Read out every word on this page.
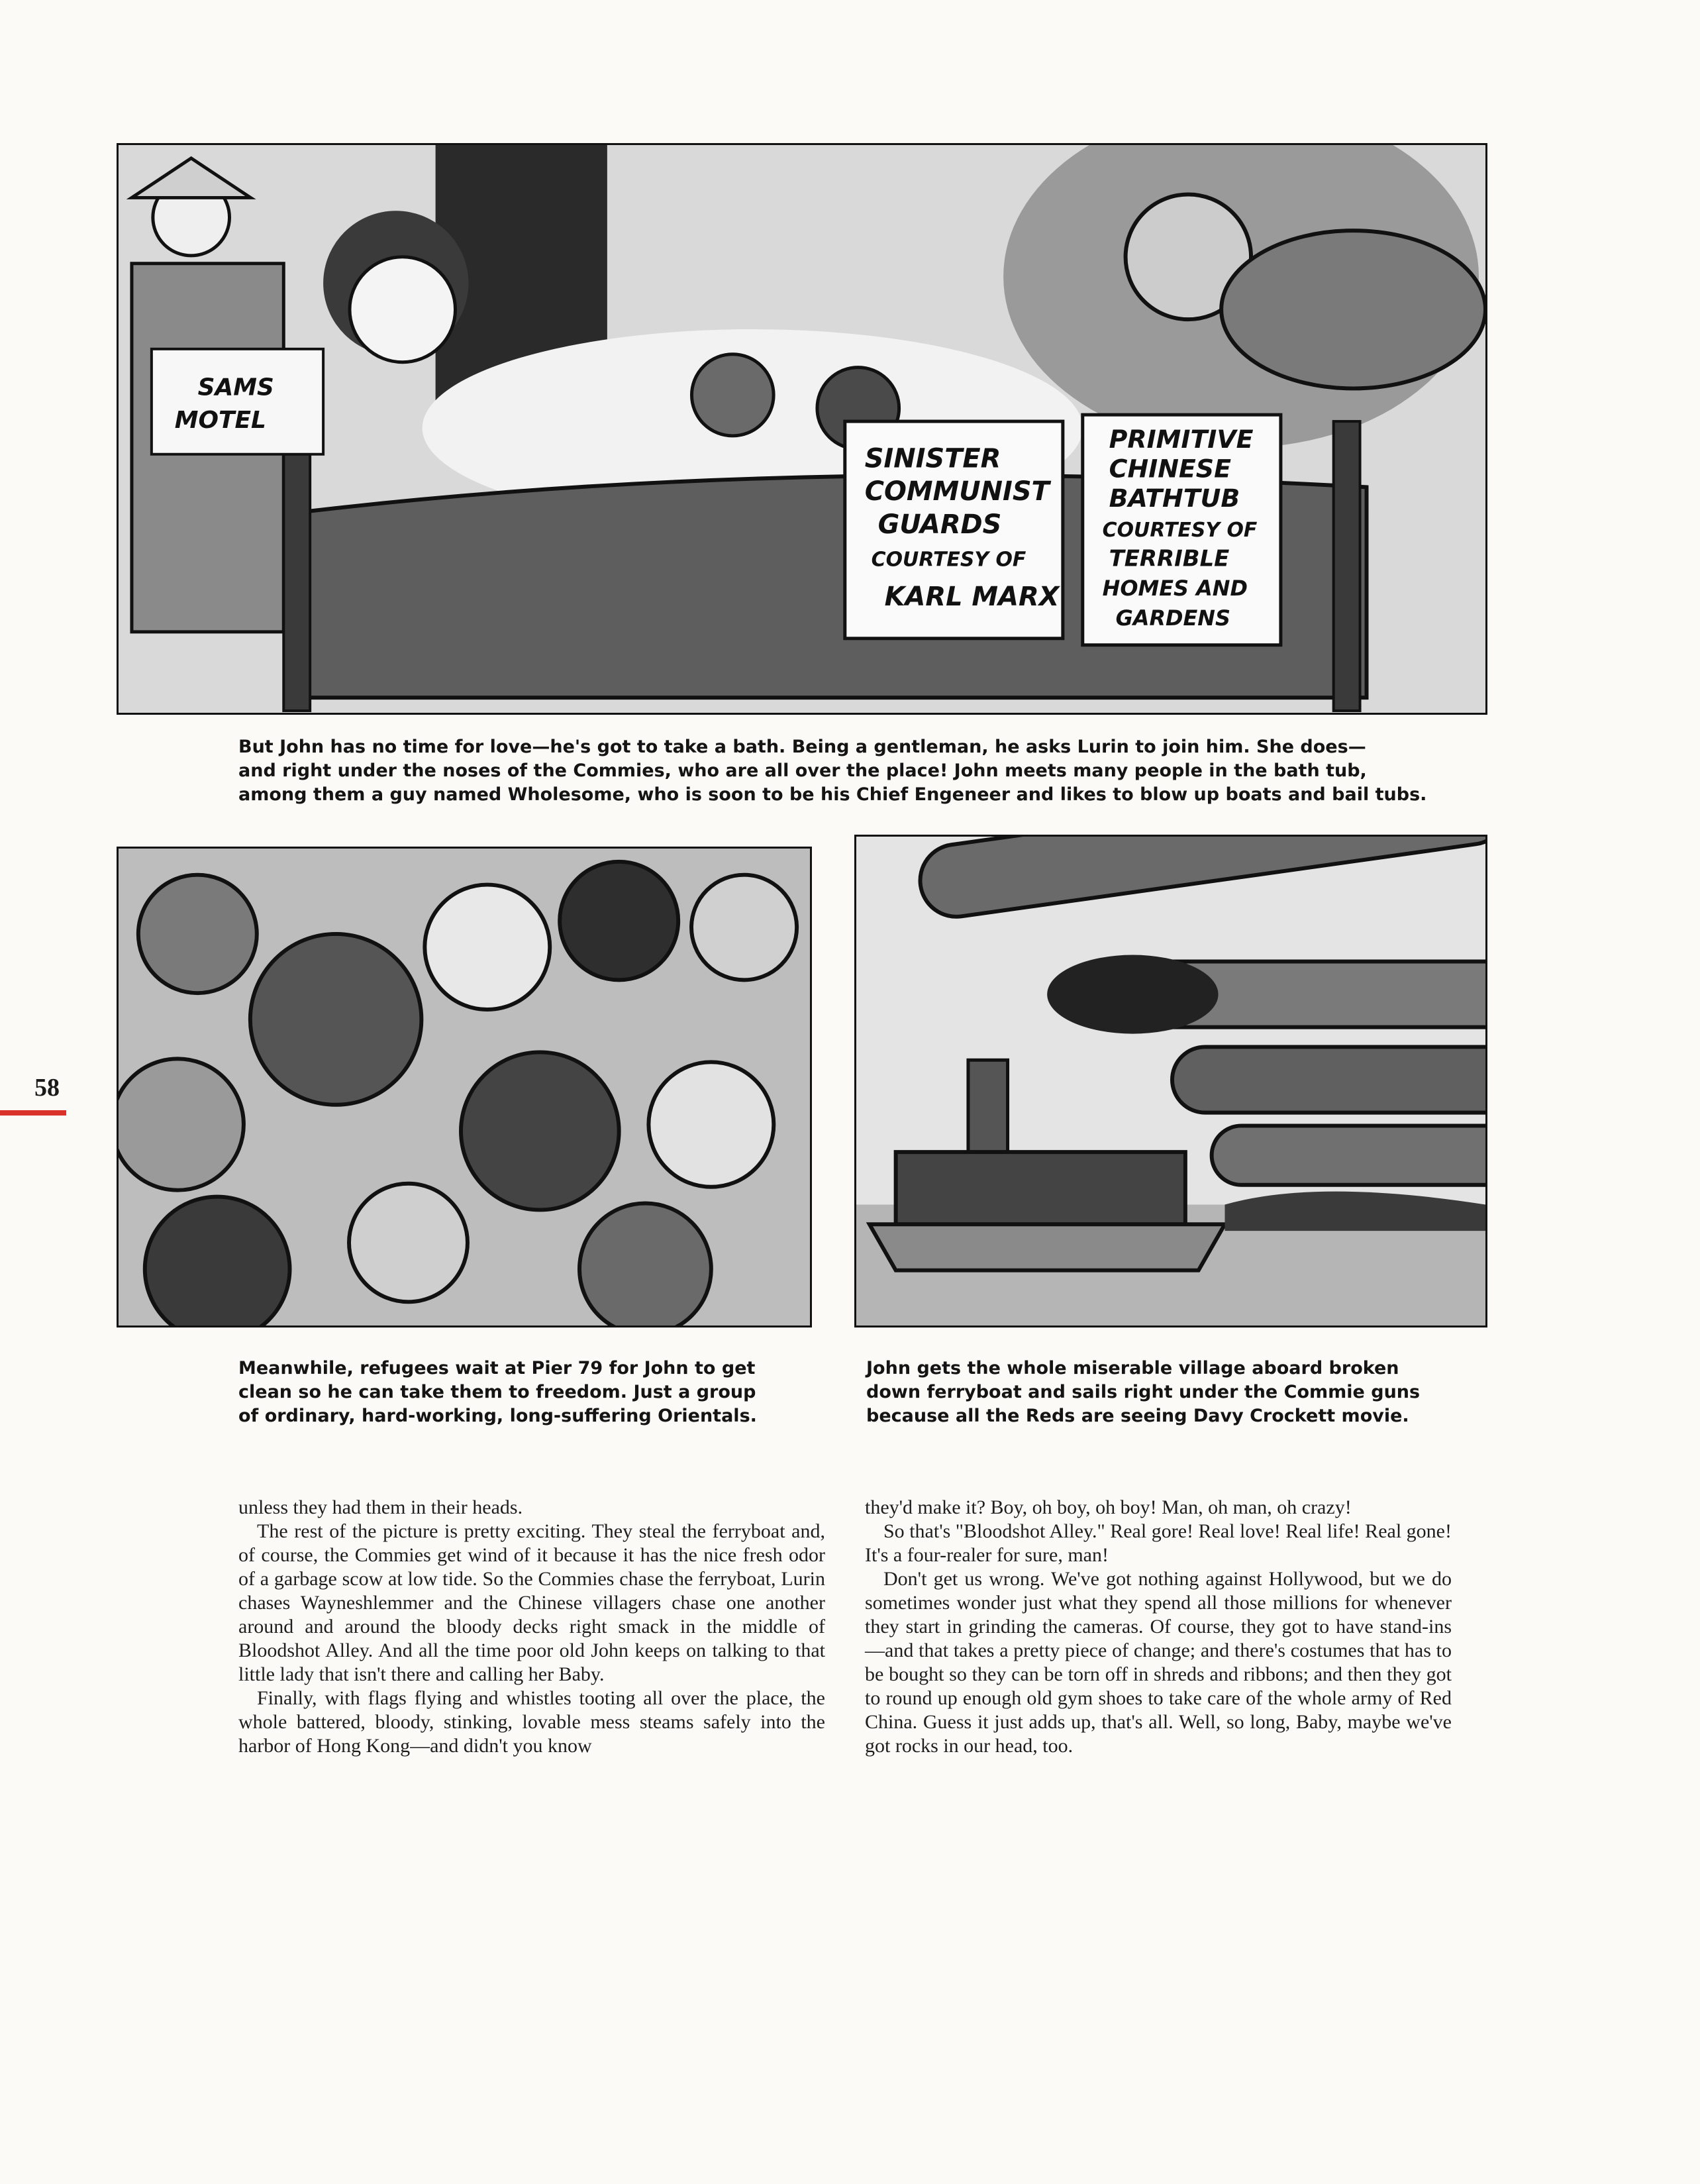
58
SAMS
MOTEL
SINISTER
COMMUNIST
GUARDS
COURTESY OF
KARL MARX
PRIMITIVE
CHINESE
BATHTUB
COURTESY OF
TERRIBLE
HOMES AND
GARDENS

But John has no time for love—he's got to take a bath. Being a gentleman, he asks Lurin to join him. She does—

and right under the noses of the Commies, who are all over the place! John meets many people in the bath tub,

among them a guy named Wholesome, who is soon to be his Chief Engeneer and likes to blow up boats and bail tubs.

Meanwhile, refugees wait at Pier 79 for John to get

clean so he can take them to freedom. Just a group

of ordinary, hard-working, long-suffering Orientals.

John gets the whole miserable village aboard broken

down ferryboat and sails right under the Commie guns

because all the Reds are seeing Davy Crockett movie.

unless they had them in their heads.

The rest of the picture is pretty exciting. They steal the ferryboat and, of course, the Commies get wind of it because it has the nice fresh odor of a garbage scow at low tide. So the Commies chase the ferryboat, Lurin chases Wayneshlemmer and the Chinese villagers chase one another around and around the bloody decks right smack in the middle of Bloodshot Alley. And all the time poor old John keeps on talking to that little lady that isn't there and calling her Baby.

Finally, with flags flying and whistles tooting all over the place, the whole battered, bloody, stinking, lovable mess steams safely into the harbor of Hong Kong—and didn't you know

they'd make it? Boy, oh boy, oh boy! Man, oh man, oh crazy!

So that's "Bloodshot Alley." Real gore! Real love! Real life! Real gone! It's a four-realer for sure, man!

Don't get us wrong. We've got nothing against Hollywood, but we do sometimes wonder just what they spend all those millions for whenever they start in grinding the cameras. Of course, they got to have stand-ins—and that takes a pretty piece of change; and there's costumes that has to be bought so they can be torn off in shreds and ribbons; and then they got to round up enough old gym shoes to take care of the whole army of Red China. Guess it just adds up, that's all. Well, so long, Baby, maybe we've got rocks in our head, too.
